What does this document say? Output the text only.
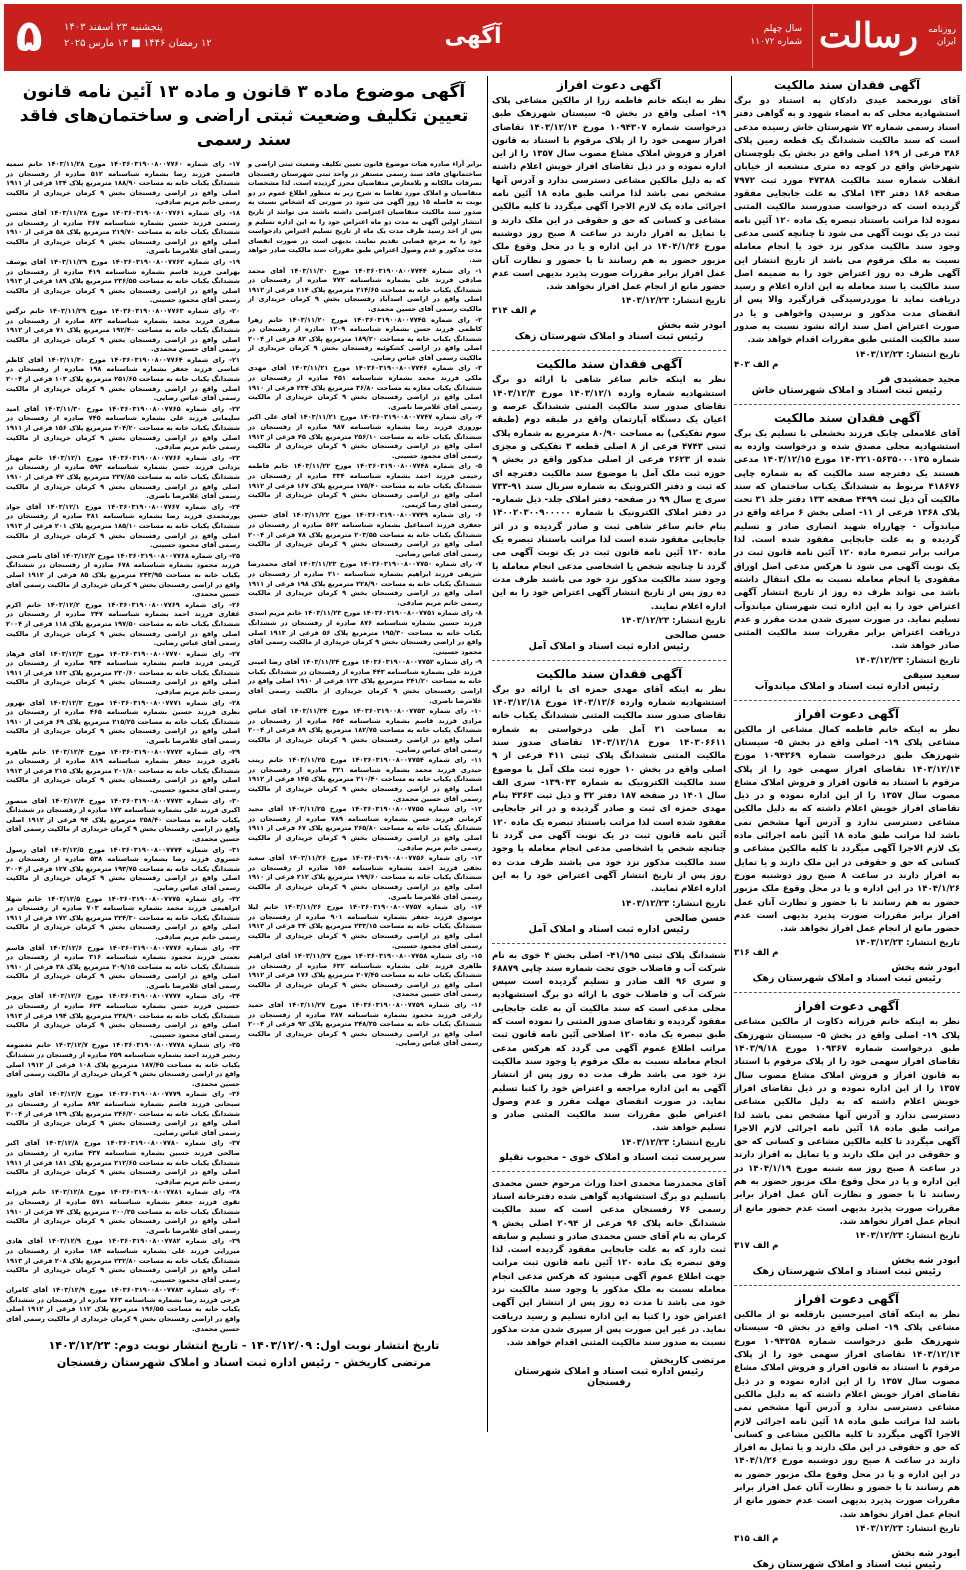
روزنامه
ایران
رسالت
سال چهلم
شماره ۱۱۰۷۲
آگهی
پنجشنبه ۲۳ اسفند ۱۴۰۳
۱۲ رمضان ۱۴۴۶ ■ ۱۳ مارس ۲۰۲۵
۵
آگهی فقدان سند مالکیت
آقای نورمحمد عیدی دادکان به استناد دو برگ استشهادیه محلی که به امضاء شهود و به گواهی دفتر اسناد رسمی شماره ۷۲ شهرستان خاش رسیده مدعی است که سند مالکیت ششدانگ یک قطعه زمین پلاک ۳۸۶ فرعی از ۱۶۹ اصلی واقع در بخش یک بلوچستان شهرخاش واقع در کوچه ده متری منشعبه از خیابان انقلاب شماره سند مالکیت ۴۷۳۸۸ مورد ثبت ۷۹۷۲ صفحه ۱۸۶ دفتر ۱۴۳ املاک به علت جابجایی مفقود گردیده است که درخواست صدورسند مالکیت المثنی نموده لذا مراتب باستناد تبصره یک ماده ۱۲۰ آئین نامه ثبت در یک نوبت آگهی می شود تا چنانچه کسی مدعی وجود سند مالکیت مذکور نزد خود یا انجام معامله نسبت به ملک مرقوم می باشد از تاریخ انتشار این آگهی ظرف ده روز اعتراض خود را به ضمیمه اصل سند مالکیت یا سند معامله به این اداره اعلام و رسید دریافت نماید تا موردرسیدگی قرارگیرد والا پس از انقضای مدت مذکور و نرسیدن واخواهی و یا در صورت اعتراض اصل سند ارائه نشود نسبت به صدور سند مالکیت المثنی طبق مقررات اقدام خواهد شد.
تاریخ انتشار: ۱۴۰۳/۱۲/۲۳
م الف ۴۰۳
مجید جمشیدی فر
رئیس ثبت اسناد و املاک شهرستان خاش
آگهی فقدان سند مالکیت
آقای غلامعلی چابک فرزند بخشعلی با تسلیم یک برگ استشهادیه محلی مصدق شده و درخواست وارده به شماره ۱۴۰۳۲۱۰۵۶۳۵۰۰۰۱۳۵ مورخ ۱۴۰۳/۱۲/۱۵ مدعی هستند یک دفترچه سند مالکیت که به شماره چاپی ۴۱۸۶۷۶ مربوط به ششدانگ یکباب ساختمان که سند مالکیت آن ذیل ثبت ۴۴۹۹ صفحه ۱۳۳ دفتر جلد ۳۱ تحت پلاک ۱۳۶۸ فرعی از ۱۱- اصلی بخش ۶ مراغه واقع در میاندوآب - چهارراه شهید انصاری صادر و تسلیم گردیده و به علت جابجایی مفقود شده است. لذا مراتب برابر تبصره ماده ۱۲۰ آئین نامه قانون ثبت در یک نوبت آگهی می شود تا هرکس مدعی اصل اوراق مفقودی یا انجام معامله نسبت به ملک انتقال داشته باشد می تواند ظرف ده روز از تاریخ انتشار آگهی اعتراض خود را به این اداره ثبت شهرستان میاندوآب تسلیم نماید. در صورت سپری شدن مدت مقرر و عدم دریافت اعتراض برابر مقررات سند مالکیت المثنی صادر خواهد شد.
تاریخ انتشار: ۱۴۰۳/۱۲/۲۳
سعید سیفی
رئیس اداره ثبت اسناد و املاک میاندوآب
آگهی دعوت افراز
نظر به اینکه خانم فاطمه کمال مشاعی از مالکین مشاعی پلاک ۱۹- اصلی واقع در بخش ۵- سیستان شهرزهک طبق درخواست شماره ۱۰۹۴۲۶۹ مورخ ۱۴۰۳/۱۲/۱۴ تقاضای افراز سهمی خود را از پلاک مرقوم با استناد به قانون افراز و فروش املاک مشاع مصوب سال ۱۳۵۷ را از این اداره نموده و در ذیل تقاضای افراز خویش اعلام داشته که به دلیل مالکین مشاعی دسترسی ندارد و آدرس آنها مشخص نمی باشد لذا مراتب طبق ماده ۱۸ آئین نامه اجرائی ماده یک لازم الاجرا آگهی میگردد تا کلیه مالکین مشاعی و کسانی که حق و حقوقی در این ملک دارند و یا تمایل به افراز دارند در ساعت ۸ صبح روز دوشنبه مورخ ۱۴۰۴/۱/۲۶ در این اداره و یا در محل وقوع ملک مزبور حضور به هم رسانند تا با حضور و نظارت آنان عمل افراز برابر مقررات صورت پذیرد بدیهی است عدم حضور مانع از انجام عمل افراز نخواهد شد.
تاریخ انتشار: ۱۴۰۳/۱۲/۲۳
م الف ۳۱۶
ابودر شه بخش
رئیس ثبت اسناد و املاک شهرستان زهک
آگهی دعوت افراز
نظر به اینکه خانم فرزانه ذکاوت از مالکین مشاعی پلاک ۱۹- اصلی واقع در بخش ۵- سیستان شهرزهک طبق درخواست شماره ۱۰۹۳۶۷ مورخ ۱۴۰۳/۹/۱۸ تقاضای افراز سهمی خود را از پلاک مرقوم با استناد به قانون افراز و فروش املاک مشاع مصوب سال ۱۳۵۷ را از این اداره نموده و در ذیل تقاضای افراز خویش اعلام داشته که به دلیل مالکین مشاعی دسترسی ندارد و آدرس آنها مشخص نمی باشد لذا مراتب طبق ماده ۱۸ آئین نامه اجرائی لازم الاجرا آگهی میگردد تا کلیه مالکین مشاعی و کسانی که حق و حقوقی در این ملک دارند و یا تمایل به افراز دارند در ساعت ۸ صبح روز سه شنبه مورخ ۱۴۰۴/۱/۱۹ در این اداره و یا در محل وقوع ملک مزبور حضور به هم رسانند تا با حضور و نظارت آنان عمل افراز برابر مقررات صورت پذیرد بدیهی است عدم حضور مانع از انجام عمل افراز نخواهد شد.
تاریخ انتشار: ۱۴۰۳/۱۲/۲۳
م الف ۳۱۷
ابودر شه بخش
رئیس ثبت اسناد و املاک شهرستان زهک
آگهی دعوت افراز
نظر به اینکه آقای امیرحسین بارقلعه نو از مالکین مشاعی پلاک ۱۹- اصلی واقع در بخش ۵- سیستان شهرزهک طبق درخواست شماره ۱۰۹۴۲۵۸ مورخ ۱۴۰۳/۱۲/۱۴ تقاضای افراز سهمی خود را از پلاک مرقوم با استناد به قانون افراز و فروش املاک مشاع مصوب سال ۱۳۵۷ را از این اداره نموده و در ذیل تقاضای افراز خویش اعلام داشته که به دلیل مالکین مشاعی دسترسی ندارد و آدرس آنها مشخص نمی باشد لذا مراتب طبق ماده ۱۸ آئین نامه اجرائی لازم الاجرا آگهی میگردد تا کلیه مالکین مشاعی و کسانی که حق و حقوقی در این ملک دارند و یا تمایل به افراز دارند در ساعت ۸ صبح روز دوشنبه مورخ ۱۴۰۴/۱/۲۶ در این اداره و یا در محل وقوع ملک مزبور حضور به هم رسانند تا با حضور و نظارت آنان عمل افراز برابر مقررات صورت پذیرد بدیهی است عدم حضور مانع از انجام عمل افراز نخواهد شد.
تاریخ انتشار: ۱۴۰۳/۱۲/۲۳
م الف ۳۱۵
ابودر شه بخش
رئیس ثبت اسناد و املاک شهرستان زهک
آگهی دعوت افراز
نظر به اینکه خانم فاطمه زرا از مالکین مشاعی پلاک ۱۹- اصلی واقع در بخش ۵- سیستان شهرزهک طبق درخواست شماره ۱۰۹۴۳۰۷ مورخ ۱۴۰۳/۱۲/۱۴ تقاضای افراز سهمی خود را از پلاک مرقوم با استناد به قانون افراز و فروش املاک مشاع مصوب سال ۱۳۵۷ را از این اداره نموده و در ذیل تقاضای افراز خویش اعلام داشته که به دلیل مالکین مشاعی دسترسی ندارد و آدرس آنها مشخص نمی باشد لذا مراتب طبق ماده ۱۸ آئین نامه اجرائی ماده یک لازم الاجرا آگهی میگردد تا کلیه مالکین مشاعی و کسانی که حق و حقوقی در این ملک دارند و یا تمایل به افراز دارند در ساعت ۸ صبح روز دوشنبه مورخ ۱۴۰۴/۱/۲۶ در این اداره و یا در محل وقوع ملک مزبور حضور به هم رسانند تا با حضور و نظارت آنان عمل افراز برابر مقررات صورت پذیرد بدیهی است عدم حضور مانع از انجام عمل افراز نخواهد شد.
تاریخ انتشار: ۱۴۰۳/۱۲/۲۳
م الف ۳۱۴
ابودر شه بخش
رئیس ثبت اسناد و املاک شهرستان زهک
آگهی فقدان سند مالکیت
نظر به اینکه خانم ساغر شاهی با ارائه دو برگ استشهادیه شماره وارده ۱۴۰۳/۱۲/۱ مورخ ۱۴۰۳/۱۲/۳ تقاضای صدور سند مالکیت المثنی ششدانگ عرصه و اعیان یک دستگاه آپارتمان واقع در طبقه دوم (طبقه سوم تفکیکی) به مساحت ۸۰/۹۰ مترمربع به شماره پلاک ثبتی ۴۷۴۳ فرعی از ۸ اصلی قطعه ۳ تفکیکی و مجزی شده از ۲۶۲۳ فرعی از اصلی مذکور واقع در بخش ۹ حوزه ثبت ملک آمل با موضوع سند مالکیت دفترچه ای که ثبت و دفتر الکترونیک به شماره سریال سند ۹۱-۷۳۳ سری ج سال ۹۹ در صفحه- دفتر املاک جلد- ذیل شماره- در دفتر املاک الکترونیک با شماره ۱۴۰۰۲۰۳۰۰۹۰۰۰۰۰ بنام خانم ساغر شاهی ثبت و صادر گردیده و در اثر جابجایی مفقود شده است لذا مراتب باستناد تبصره یک ماده ۱۲۰ آئین نامه قانون ثبت در یک نوبت آگهی می گردد تا چنانچه شخص یا اشخاصی مدعی انجام معامله یا وجود سند مالکیت مذکور نزد خود می باشند ظرف مدت ده روز پس از تاریخ انتشار آگهی اعتراض خود را به این اداره اعلام نمایند.
تاریخ انتشار: ۱۴۰۳/۱۲/۲۳
حسن صالحی
رئیس اداره ثبت اسناد و املاک آمل
آگهی فقدان سند مالکیت
نظر به اینکه آقای مهدی حمزه ای با ارائه دو برگ استشهادیه شماره وارده ۱۴۰۳/۱۲/۶ مورخ ۱۴۰۳/۱۲/۱۸ تقاضای صدور سند مالکیت المثنی ششدانگ یکباب خانه به مساحت ۲۱ آمل طی درخواستی به شماره ۱۴۰۳۰۶۶۱۱ مورخ ۱۴۰۳/۱۲/۱۸ تقاضای صدور سند مالکیت المثنی ششدانگ پلاک ثبتی ۴۱۱ فرعی از ۹ اصلی واقع در بخش ۱۰ حوزه ثبت ملک آمل با موضوع سند مالکیت الکترونیک به شماره ۱۳۹۰۴۳- سری الف سال ۱۴۰۱ در صفحه ۱۸۷ دفتر ۳۲ و ذیل ثبت ۴۳۶۳ بنام مهدی حمزه ای ثبت و صادر گردیده و در اثر جابجایی مفقود شده است لذا مراتب باستناد تبصره یک ماده ۱۲۰ آئین نامه قانون ثبت در یک نوبت آگهی می گردد تا چنانچه شخص یا اشخاصی مدعی انجام معامله یا وجود سند مالکیت مذکور نزد خود می باشند ظرف مدت ده روز پس از تاریخ انتشار آگهی اعتراض خود را به این اداره اعلام نمایند.
تاریخ انتشار: ۱۴۰۳/۱۲/۲۳
حسن صالحی
رئیس اداره ثبت اسناد و املاک آمل
ششدانگ پلاک ثبتی ۴۱/۱۹۵- اصلی بخش ۴ خوی به نام شرکت آب و فاضلاب خوی تحت شماره سند چاپی ۶۸۸۷۹ و سری ۹۶ الف صادر و تسلیم گردیده است سپس شرکت آب و فاضلاب خوی با ارائه دو برگ استشهادیه محلی مدعی است که سند مالکیت آن به علت جابجایی مفقود گردیده و تقاضای صدور المثنی را نموده است که طبق تبصره یک ماده ۱۲۰ اصلاحی آئین نامه قانون ثبت مراتب اطلاع عموم آگهی می گردد که هرکس مدعی انجام معامله نسبت به ملک مرقوم یا وجود سند مالکیت نزد خود می باشد ظرف مدت ده روز پس از انتشار آگهی به این اداره مراجعه و اعتراض خود را کتبا تسلیم نماید. در صورت انقضای مهلت مقرر و عدم وصول اعتراض طبق مقررات سند مالکیت المثنی صادر و تسلیم خواهد شد.
تاریخ انتشار: ۱۴۰۳/۱۲/۲۳
سرپرست ثبت اسناد و املاک خوی - محبوب نقیلو
آقای محمدرضا محمدی احدا وراث مرحوم حسن محمدی باتسلیم دو برگ استشهادیه گواهی شده دفترخانه اسناد رسمی ۷۶ رفسنجان مدعی است که سند مالکیت ششدانگ خانه پلاک ۹۶ فرعی از ۲۰۹۴ اصلی بخش ۹ کرمان به نام آقای حسن محمدی صادر و تسلیم و سابقه ثبت دارد که به علت جابجایی مفقود گردیده است. لذا وفق تبصره یک ماده ۱۲۰ آئین نامه قانون ثبت مراتب جهت اطلاع عموم آگهی میشود که هرکس مدعی انجام معامله نسبت به ملک مذکور یا وجود سند مالکیت نزد خود می باشد تا مدت ده روز پس از انتشار این آگهی اعتراض خود را کتبا به این اداره تسلیم و رسید دریافت نماید. در غیر این صورت پس از سپری شدن مدت مذکور نسبت به صدور سند مالکیت المثنی اقدام خواهد شد.
مرتضی کاریخش
رئیس اداره ثبت اسناد و املاک شهرستان رفسنجان
آگهی موضوع ماده ۳ قانون و ماده ۱۳ آئین نامه قانون تعیین تکلیف وضعیت ثبتی اراضی و ساختمان‌های فاقد سند رسمی

برابر آراء صادره هیات موضوع قانون تعیین تکلیف وضعیت ثبتی اراضی و ساختمانهای فاقد سند رسمی مستقر در واحد ثبتی شهرستان رفسنجان تصرفات مالکانه و بلامعارض متقاضیان محرز گردیده است. لذا مشخصات متقاضیان و املاک مورد تقاضا به شرح زیر به منظور اطلاع عموم در دو نوبت به فاصله ۱۵ روز آگهی می شود در صورتی که اشخاص نسبت به صدور سند مالکیت متقاضیان اعتراضی داشته باشند می توانند از تاریخ انتشار اولین آگهی به مدت دو ماه اعتراض خود را به این اداره تسلیم و پس از اخذ رسید ظرف مدت یک ماه از تاریخ تسلیم اعتراض دادخواست خود را به مرجع قضایی تقدیم نمایند. بدیهی است در صورت انقضای مدت مذکور و عدم وصول اعتراض طبق مقررات سند مالکیت صادر خواهد شد.

۱- رای شماره ۱۴۰۳۶۰۳۱۹۰۰۸۰۰۷۷۴۴ مورخ ۱۴۰۳/۱۱/۲۰ آقای محمد صادقی فرزند علی بشماره شناسنامه ۷۷۲ صادره از رفسنجان در ششدانگ یکباب خانه به مساحت ۲۱۴/۶۵ مترمربع پلاک ۱۱۴ فرعی از ۱۹۱۲ اصلی واقع در اراضی اسدآباد رفسنجان بخش ۹ کرمان خریداری از مالکیت رسمی آقای حسین محمدی.

۲- رای شماره ۱۴۰۳۶۰۳۱۹۰۰۸۰۰۷۷۴۵ مورخ ۱۴۰۳/۱۱/۲۰ خانم زهرا کاظمی فرزند حسن بشماره شناسنامه ۱۲۰۹ صادره از رفسنجان در ششدانگ یکباب خانه به مساحت ۱۸۹/۲۰ مترمربع پلاک ۸۲ فرعی از ۲۰۰۴ اصلی واقع در اراضی کشکوئیه رفسنجان بخش ۹ کرمان خریداری از مالکیت رسمی آقای عباس رضایی.

۳- رای شماره ۱۴۰۳۶۰۳۱۹۰۰۸۰۰۷۷۴۶ مورخ ۱۴۰۳/۱۱/۲۱ آقای مهدی ملکی فرزند محمد بشماره شناسنامه ۴۵۱ صادره از رفسنجان در ششدانگ یکباب مغازه به مساحت ۳۶/۸۰ مترمربع پلاک ۲۳۴ فرعی از ۱۹۱۰ اصلی واقع در اراضی رفسنجان بخش ۹ کرمان خریداری از مالکیت رسمی آقای غلامرضا ناصری.

۴- رای شماره ۱۴۰۳۶۰۳۱۹۰۰۸۰۰۷۷۴۷ مورخ ۱۴۰۳/۱۱/۲۱ آقای علی اکبر نوروزی فرزند رضا بشماره شناسنامه ۹۸۷ صادره از رفسنجان در ششدانگ یکباب خانه به مساحت ۲۵۶/۱۰ مترمربع پلاک ۴۵ فرعی از ۱۹۱۳ اصلی واقع در اراضی رفسنجان بخش ۹ کرمان خریداری از مالکیت رسمی آقای محمود حسینی.

۵- رای شماره ۱۴۰۳۶۰۳۱۹۰۰۸۰۰۷۷۴۸ مورخ ۱۴۰۳/۱۱/۲۲ خانم فاطمه رحیمی فرزند احمد بشماره شناسنامه ۳۳۴ صادره از رفسنجان در ششدانگ یکباب خانه به مساحت ۱۷۵/۴۰ مترمربع پلاک ۱۶۷ فرعی از ۱۹۱۲ اصلی واقع در اراضی رفسنجان بخش ۹ کرمان خریداری از مالکیت رسمی آقای رضا کریمی.

۶- رای شماره ۱۴۰۳۶۰۳۱۹۰۰۸۰۰۷۷۴۹ مورخ ۱۴۰۳/۱۱/۲۲ آقای حسین جعفری فرزند اسماعیل بشماره شناسنامه ۵۶۲ صادره از رفسنجان در ششدانگ یکباب خانه به مساحت ۲۰۳/۵۵ مترمربع پلاک ۷۸ فرعی از ۲۰۰۴ اصلی واقع در اراضی رفسنجان بخش ۹ کرمان خریداری از مالکیت رسمی آقای عباس رضایی.

۷- رای شماره ۱۴۰۳۶۰۳۱۹۰۰۸۰۰۷۷۵۰ مورخ ۱۴۰۳/۱۱/۲۳ آقای محمدرضا شریفی فرزند ابراهیم بشماره شناسنامه ۲۱۰ صادره از رفسنجان در ششدانگ یکباب خانه به مساحت ۲۲۸/۹۰ مترمربع پلاک ۱۹۸ فرعی از ۱۹۱۱ اصلی واقع در اراضی رفسنجان بخش ۹ کرمان خریداری از مالکیت رسمی خانم مریم صادقی.

۸- رای شماره ۱۴۰۳۶۰۳۱۹۰۰۸۰۰۷۷۵۱ مورخ ۱۴۰۳/۱۱/۲۳ خانم مریم اسدی فرزند حسین بشماره شناسنامه ۸۷۶ صادره از رفسنجان در ششدانگ یکباب خانه به مساحت ۱۹۵/۳۰ مترمربع پلاک ۵۶ فرعی از ۱۹۱۳ اصلی واقع در اراضی رفسنجان بخش ۹ کرمان خریداری از مالکیت رسمی آقای محمود حسینی.

۹- رای شماره ۱۴۰۳۶۰۳۱۹۰۰۸۰۰۷۷۵۲ مورخ ۱۴۰۳/۱۱/۲۴ آقای رضا امینی فرزند علی بشماره شناسنامه ۴۴۳ صادره از رفسنجان در ششدانگ یکباب خانه به مساحت ۲۴۱/۲۰ مترمربع پلاک ۱۲۳ فرعی از ۱۹۱۰ اصلی واقع در اراضی رفسنجان بخش ۹ کرمان خریداری از مالکیت رسمی آقای غلامرضا ناصری.

۱۰- رای شماره ۱۴۰۳۶۰۳۱۹۰۰۸۰۰۷۷۵۳ مورخ ۱۴۰۳/۱۱/۲۴ آقای عباس مرادی فرزند قاسم بشماره شناسنامه ۶۵۴ صادره از رفسنجان در ششدانگ یکباب خانه به مساحت ۱۸۲/۷۵ مترمربع پلاک ۸۹ فرعی از ۲۰۰۴ اصلی واقع در اراضی رفسنجان بخش ۹ کرمان خریداری از مالکیت رسمی آقای عباس رضایی.

۱۱- رای شماره ۱۴۰۳۶۰۳۱۹۰۰۸۰۰۷۷۵۴ مورخ ۱۴۰۳/۱۱/۲۵ خانم زینب حیدری فرزند محمد بشماره شناسنامه ۳۲۱ صادره از رفسنجان در ششدانگ یکباب خانه به مساحت ۲۱۰/۴۰ مترمربع پلاک ۱۴۵ فرعی از ۱۹۱۲ اصلی واقع در اراضی رفسنجان بخش ۹ کرمان خریداری از مالکیت رسمی آقای حسین محمدی.

۱۲- رای شماره ۱۴۰۳۶۰۳۱۹۰۰۸۰۰۷۷۵۵ مورخ ۱۴۰۳/۱۱/۲۵ آقای مجید کرمانی فرزند حسن بشماره شناسنامه ۷۸۹ صادره از رفسنجان در ششدانگ یکباب خانه به مساحت ۲۶۵/۸۰ مترمربع پلاک ۶۷ فرعی از ۱۹۱۱ اصلی واقع در اراضی رفسنجان بخش ۹ کرمان خریداری از مالکیت رسمی خانم مریم صادقی.

۱۳- رای شماره ۱۴۰۳۶۰۳۱۹۰۰۸۰۰۷۷۵۶ مورخ ۱۴۰۳/۱۱/۲۶ آقای سعید نجفی فرزند احمد بشماره شناسنامه ۱۵۶ صادره از رفسنجان در ششدانگ یکباب خانه به مساحت ۱۹۹/۶۰ مترمربع پلاک ۲۱۲ فرعی از ۱۹۱۰ اصلی واقع در اراضی رفسنجان بخش ۹ کرمان خریداری از مالکیت رسمی آقای غلامرضا ناصری.

۱۴- رای شماره ۱۴۰۳۶۰۳۱۹۰۰۸۰۰۷۷۵۷ مورخ ۱۴۰۳/۱۱/۲۶ خانم لیلا موسوی فرزند جعفر بشماره شناسنامه ۹۰۱ صادره از رفسنجان در ششدانگ یکباب خانه به مساحت ۲۳۳/۱۵ مترمربع پلاک ۳۴ فرعی از ۱۹۱۳ اصلی واقع در اراضی رفسنجان بخش ۹ کرمان خریداری از مالکیت رسمی آقای محمود حسینی.

۱۵- رای شماره ۱۴۰۳۶۰۳۱۹۰۰۸۰۰۷۷۵۸ مورخ ۱۴۰۳/۱۱/۲۷ آقای ابراهیم طاهری فرزند علی بشماره شناسنامه ۶۳۲ صادره از رفسنجان در ششدانگ یکباب خانه به مساحت ۲۰۷/۴۵ مترمربع پلاک ۱۷۶ فرعی از ۱۹۱۲ اصلی واقع در اراضی رفسنجان بخش ۹ کرمان خریداری از مالکیت رسمی آقای حسین محمدی.

۱۶- رای شماره ۱۴۰۳۶۰۳۱۹۰۰۸۰۰۷۷۵۹ مورخ ۱۴۰۳/۱۱/۲۷ آقای حمید زارعی فرزند محمود بشماره شناسنامه ۲۸۷ صادره از رفسنجان در ششدانگ یکباب خانه به مساحت ۲۴۸/۳۵ مترمربع پلاک ۹۲ فرعی از ۲۰۰۴ اصلی واقع در اراضی رفسنجان بخش ۹ کرمان خریداری از مالکیت رسمی آقای عباس رضایی.

۱۷- رای شماره ۱۴۰۳۶۰۳۱۹۰۰۸۰۰۷۷۶۰ مورخ ۱۴۰۳/۱۱/۲۸ خانم سمیه قاسمی فرزند رضا بشماره شناسنامه ۵۱۲ صادره از رفسنجان در ششدانگ یکباب خانه به مساحت ۱۸۸/۹۰ مترمربع پلاک ۱۳۴ فرعی از ۱۹۱۱ اصلی واقع در اراضی رفسنجان بخش ۹ کرمان خریداری از مالکیت رسمی خانم مریم صادقی.

۱۸- رای شماره ۱۴۰۳۶۰۳۱۹۰۰۸۰۰۷۷۶۱ مورخ ۱۴۰۳/۱۱/۲۸ آقای محسن رستمی فرزند حسین بشماره شناسنامه ۳۶۷ صادره از رفسنجان در ششدانگ یکباب خانه به مساحت ۲۱۹/۷۰ مترمربع پلاک ۵۸ فرعی از ۱۹۱۰ اصلی واقع در اراضی رفسنجان بخش ۹ کرمان خریداری از مالکیت رسمی آقای غلامرضا ناصری.

۱۹- رای شماره ۱۴۰۳۶۰۳۱۹۰۰۸۰۰۷۷۶۲ مورخ ۱۴۰۳/۱۱/۲۹ آقای یوسف بهرامی فرزند قاسم بشماره شناسنامه ۴۱۹ صادره از رفسنجان در ششدانگ یکباب خانه به مساحت ۲۳۶/۵۵ مترمربع پلاک ۱۸۹ فرعی از ۱۹۱۳ اصلی واقع در اراضی رفسنجان بخش ۹ کرمان خریداری از مالکیت رسمی آقای محمود حسینی.

۲۰- رای شماره ۱۴۰۳۶۰۳۱۹۰۰۸۰۰۷۷۶۳ مورخ ۱۴۰۳/۱۱/۲۹ خانم نرگس صفری فرزند محمد بشماره شناسنامه ۸۲۳ صادره از رفسنجان در ششدانگ یکباب خانه به مساحت ۱۹۲/۴۰ مترمربع پلاک ۷۱ فرعی از ۱۹۱۲ اصلی واقع در اراضی رفسنجان بخش ۹ کرمان خریداری از مالکیت رسمی آقای حسین محمدی.

۲۱- رای شماره ۱۴۰۳۶۰۳۱۹۰۰۸۰۰۷۷۶۴ مورخ ۱۴۰۳/۱۱/۳۰ آقای کاظم عباسی فرزند جعفر بشماره شناسنامه ۱۹۸ صادره از رفسنجان در ششدانگ یکباب خانه به مساحت ۲۵۱/۶۵ مترمربع پلاک ۱۰۳ فرعی از ۲۰۰۴ اصلی واقع در اراضی رفسنجان بخش ۹ کرمان خریداری از مالکیت رسمی آقای عباس رضایی.

۲۲- رای شماره ۱۴۰۳۶۰۳۱۹۰۰۸۰۰۷۷۶۵ مورخ ۱۴۰۳/۱۱/۳۰ آقای امید سلیمانی فرزند علی بشماره شناسنامه ۷۴۵ صادره از رفسنجان در ششدانگ یکباب خانه به مساحت ۲۰۴/۲۰ مترمربع پلاک ۱۵۶ فرعی از ۱۹۱۱ اصلی واقع در اراضی رفسنجان بخش ۹ کرمان خریداری از مالکیت رسمی خانم مریم صادقی.

۲۳- رای شماره ۱۴۰۳۶۰۳۱۹۰۰۸۰۰۷۷۶۶ مورخ ۱۴۰۳/۱۲/۱ خانم مهناز یزدانی فرزند حسن بشماره شناسنامه ۵۹۳ صادره از رفسنجان در ششدانگ یکباب خانه به مساحت ۲۲۷/۸۵ مترمربع پلاک ۴۲ فرعی از ۱۹۱۰ اصلی واقع در اراضی رفسنجان بخش ۹ کرمان خریداری از مالکیت رسمی آقای غلامرضا ناصری.

۲۴- رای شماره ۱۴۰۳۶۰۳۱۹۰۰۸۰۰۷۷۶۷ مورخ ۱۴۰۳/۱۲/۱ آقای جواد پورمحمدی فرزند رضا بشماره شناسنامه ۳۸۱ صادره از رفسنجان در ششدانگ یکباب خانه به مساحت ۱۸۵/۱۰ مترمربع پلاک ۲۰۱ فرعی از ۱۹۱۳ اصلی واقع در اراضی رفسنجان بخش ۹ کرمان خریداری از مالکیت رسمی آقای محمود حسینی.

۲۵- رای شماره ۱۴۰۳۶۰۳۱۹۰۰۸۰۰۷۷۶۸ مورخ ۱۴۰۳/۱۲/۲ آقای ناصر فتحی فرزند محمود بشماره شناسنامه ۶۷۸ صادره از رفسنجان در ششدانگ یکباب خانه به مساحت ۲۴۳/۹۵ مترمربع پلاک ۸۵ فرعی از ۱۹۱۲ اصلی واقع در اراضی رفسنجان بخش ۹ کرمان خریداری از مالکیت رسمی آقای حسین محمدی.

۲۶- رای شماره ۱۴۰۳۶۰۳۱۹۰۰۸۰۰۷۷۶۹ مورخ ۱۴۰۳/۱۲/۲ خانم اکرم غفاری فرزند احمد بشماره شناسنامه ۲۴۷ صادره از رفسنجان در ششدانگ یکباب خانه به مساحت ۱۹۷/۵۰ مترمربع پلاک ۱۱۸ فرعی از ۲۰۰۴ اصلی واقع در اراضی رفسنجان بخش ۹ کرمان خریداری از مالکیت رسمی آقای عباس رضایی.

۲۷- رای شماره ۱۴۰۳۶۰۳۱۹۰۰۸۰۰۷۷۷۰ مورخ ۱۴۰۳/۱۲/۳ آقای فرهاد کریمی فرزند قاسم بشماره شناسنامه ۹۳۴ صادره از رفسنجان در ششدانگ یکباب خانه به مساحت ۲۳۰/۶۰ مترمربع پلاک ۱۶۳ فرعی از ۱۹۱۱ اصلی واقع در اراضی رفسنجان بخش ۹ کرمان خریداری از مالکیت رسمی خانم مریم صادقی.

۲۸- رای شماره ۱۴۰۳۶۰۳۱۹۰۰۸۰۰۷۷۷۱ مورخ ۱۴۰۳/۱۲/۳ آقای بهروز نظری فرزند حسین بشماره شناسنامه ۴۶۵ صادره از رفسنجان در ششدانگ یکباب خانه به مساحت ۲۱۵/۲۵ مترمربع پلاک ۶۹ فرعی از ۱۹۱۰ اصلی واقع در اراضی رفسنجان بخش ۹ کرمان خریداری از مالکیت رسمی آقای غلامرضا ناصری.

۲۹- رای شماره ۱۴۰۳۶۰۳۱۹۰۰۸۰۰۷۷۷۲ مورخ ۱۴۰۳/۱۲/۴ خانم طاهره باقری فرزند جعفر بشماره شناسنامه ۸۱۹ صادره از رفسنجان در ششدانگ یکباب خانه به مساحت ۲۰۱/۸۰ مترمربع پلاک ۲۱۵ فرعی از ۱۹۱۳ اصلی واقع در اراضی رفسنجان بخش ۹ کرمان خریداری از مالکیت رسمی آقای محمود حسینی.

۳۰- رای شماره ۱۴۰۳۶۰۳۱۹۰۰۸۰۰۷۷۷۳ مورخ ۱۴۰۳/۱۲/۴ آقای منصور اکبری فرزند علی بشماره شناسنامه ۱۷۲ صادره از رفسنجان در ششدانگ یکباب خانه به مساحت ۲۵۸/۴۰ مترمربع پلاک ۹۴ فرعی از ۱۹۱۲ اصلی واقع در اراضی رفسنجان بخش ۹ کرمان خریداری از مالکیت رسمی آقای حسین محمدی.

۳۱- رای شماره ۱۴۰۳۶۰۳۱۹۰۰۸۰۰۷۷۷۴ مورخ ۱۴۰۳/۱۲/۵ آقای رسول خسروی فرزند رضا بشماره شناسنامه ۵۳۸ صادره از رفسنجان در ششدانگ یکباب خانه به مساحت ۱۹۳/۷۵ مترمربع پلاک ۱۲۷ فرعی از ۲۰۰۴ اصلی واقع در اراضی رفسنجان بخش ۹ کرمان خریداری از مالکیت رسمی آقای عباس رضایی.

۳۲- رای شماره ۱۴۰۳۶۰۳۱۹۰۰۸۰۰۷۷۷۵ مورخ ۱۴۰۳/۱۲/۵ خانم شهلا ابراهیمی فرزند محمد بشماره شناسنامه ۷۰۳ صادره از رفسنجان در ششدانگ یکباب خانه به مساحت ۲۲۴/۳۰ مترمربع پلاک ۱۷۲ فرعی از ۱۹۱۱ اصلی واقع در اراضی رفسنجان بخش ۹ کرمان خریداری از مالکیت رسمی خانم مریم صادقی.

۳۳- رای شماره ۱۴۰۳۶۰۳۱۹۰۰۸۰۰۷۷۷۶ مورخ ۱۴۰۳/۱۲/۶ آقای قاسم نعمتی فرزند محمود بشماره شناسنامه ۳۱۶ صادره از رفسنجان در ششدانگ یکباب خانه به مساحت ۲۰۹/۱۵ مترمربع پلاک ۳۸ فرعی از ۱۹۱۰ اصلی واقع در اراضی رفسنجان بخش ۹ کرمان خریداری از مالکیت رسمی آقای غلامرضا ناصری.

۳۴- رای شماره ۱۴۰۳۶۰۳۱۹۰۰۸۰۰۷۷۷۷ مورخ ۱۴۰۳/۱۲/۶ آقای پرویز حسینی فرزند حسن بشماره شناسنامه ۶۲۴ صادره از رفسنجان در ششدانگ یکباب خانه به مساحت ۲۳۸/۹۰ مترمربع پلاک ۱۹۴ فرعی از ۱۹۱۳ اصلی واقع در اراضی رفسنجان بخش ۹ کرمان خریداری از مالکیت رسمی آقای محمود حسینی.

۳۵- رای شماره ۱۴۰۳۶۰۳۱۹۰۰۸۰۰۷۷۷۸ مورخ ۱۴۰۳/۱۲/۷ خانم معصومه رنجبر فرزند احمد بشماره شناسنامه ۲۵۹ صادره از رفسنجان در ششدانگ یکباب خانه به مساحت ۱۸۷/۴۵ مترمربع پلاک ۱۰۸ فرعی از ۱۹۱۲ اصلی واقع در اراضی رفسنجان بخش ۹ کرمان خریداری از مالکیت رسمی آقای حسین محمدی.

۳۶- رای شماره ۱۴۰۳۶۰۳۱۹۰۰۸۰۰۷۷۷۹ مورخ ۱۴۰۳/۱۲/۷ آقای داوود سبحانی فرزند قاسم بشماره شناسنامه ۸۹۲ صادره از رفسنجان در ششدانگ یکباب خانه به مساحت ۲۴۶/۲۰ مترمربع پلاک ۱۳۹ فرعی از ۲۰۰۴ اصلی واقع در اراضی رفسنجان بخش ۹ کرمان خریداری از مالکیت رسمی آقای عباس رضایی.

۳۷- رای شماره ۱۴۰۳۶۰۳۱۹۰۰۸۰۰۷۷۸۰ مورخ ۱۴۰۳/۱۲/۸ آقای اکبر صالحی فرزند حسین بشماره شناسنامه ۴۳۷ صادره از رفسنجان در ششدانگ یکباب خانه به مساحت ۲۱۲/۶۵ مترمربع پلاک ۱۸۱ فرعی از ۱۹۱۱ اصلی واقع در اراضی رفسنجان بخش ۹ کرمان خریداری از مالکیت رسمی خانم مریم صادقی.

۳۸- رای شماره ۱۴۰۳۶۰۳۱۹۰۰۸۰۰۷۷۸۱ مورخ ۱۴۰۳/۱۲/۸ خانم فرزانه تقوی فرزند جعفر بشماره شناسنامه ۵۷۱ صادره از رفسنجان در ششدانگ یکباب خانه به مساحت ۲۰۰/۳۵ مترمربع پلاک ۷۴ فرعی از ۱۹۱۰ اصلی واقع در اراضی رفسنجان بخش ۹ کرمان خریداری از مالکیت رسمی آقای غلامرضا ناصری.

۳۹- رای شماره ۱۴۰۳۶۰۳۱۹۰۰۸۰۰۷۷۸۲ مورخ ۱۴۰۳/۱۲/۹ آقای هادی میرزایی فرزند علی بشماره شناسنامه ۱۸۴ صادره از رفسنجان در ششدانگ یکباب خانه به مساحت ۲۳۲/۸۰ مترمربع پلاک ۲۰۸ فرعی از ۱۹۱۳ اصلی واقع در اراضی رفسنجان بخش ۹ کرمان خریداری از مالکیت رسمی آقای محمود حسینی.

۴۰- رای شماره ۱۴۰۳۶۰۳۱۹۰۰۸۰۰۷۷۸۳ مورخ ۱۴۰۳/۱۲/۹ آقای کامران فرجی فرزند رضا بشماره شناسنامه ۷۶۳ صادره از رفسنجان در ششدانگ یکباب خانه به مساحت ۱۹۶/۵۵ مترمربع پلاک ۱۱۲ فرعی از ۱۹۱۲ اصلی واقع در اراضی رفسنجان بخش ۹ کرمان خریداری از مالکیت رسمی آقای حسین محمدی.

تاریخ انتشار نوبت اول: ۱۴۰۳/۱۲/۰۹ - تاریخ انتشار نوبت دوم: ۱۴۰۳/۱۲/۲۳
مرتضی کاریخش - رئیس اداره ثبت اسناد و املاک شهرستان رفسنجان
